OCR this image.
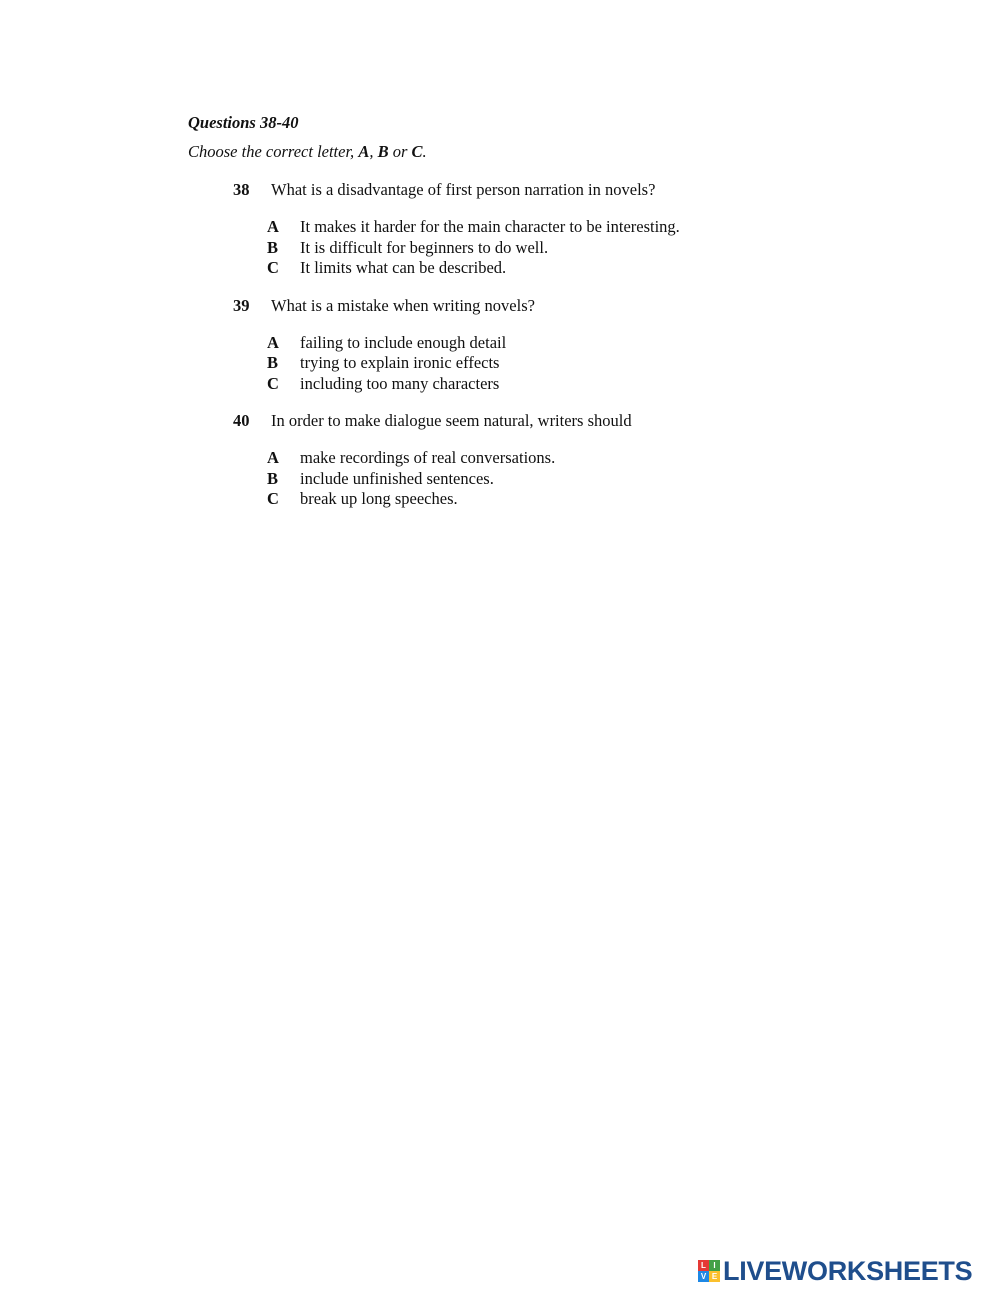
Questions 38-40
Choose the correct letter, A, B or C.
38 What is a disadvantage of first person narration in novels?
A It makes it harder for the main character to be interesting.
B It is difficult for beginners to do well.
C It limits what can be described.
39 What is a mistake when writing novels?
A failing to include enough detail
B trying to explain ironic effects
C including too many characters
40 In order to make dialogue seem natural, writers should
A make recordings of real conversations.
B include unfinished sentences.
C break up long speeches.
L I
V E LIVEWORKSHEETS
